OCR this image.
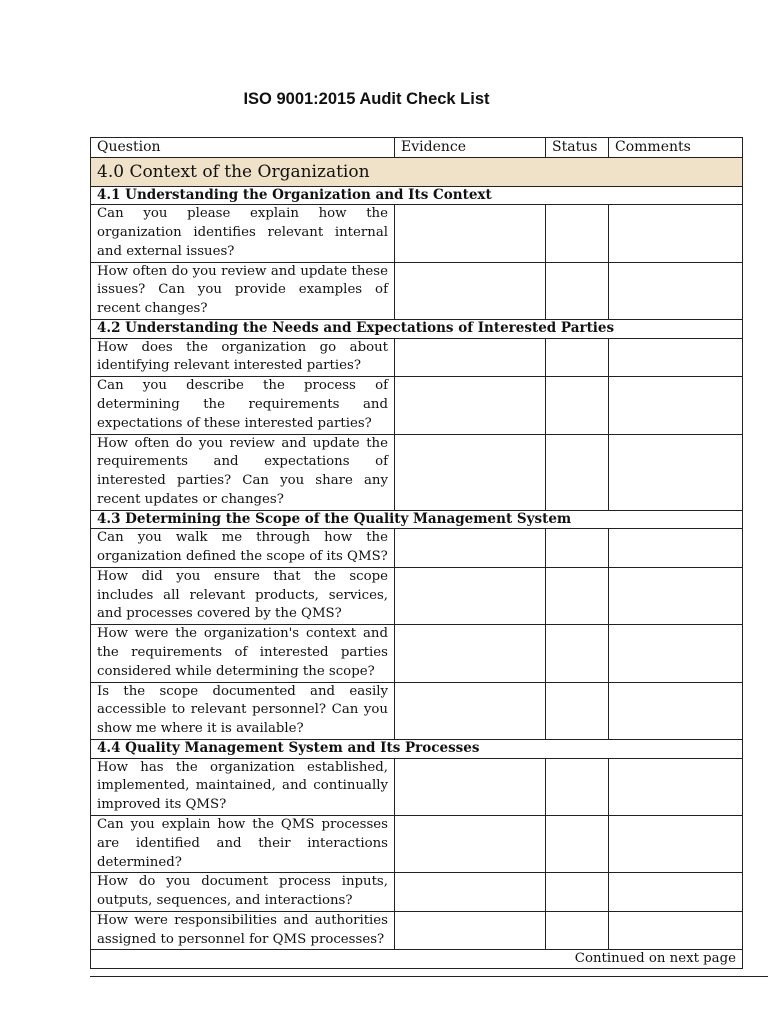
ISO 9001:2015 Audit Check List
Question	Evidence	Status	Comments
4.0 Context of the Organization			
4.1 Understanding the Organization and Its Context			
Can you please explain how the organization identifies relevant internal and external issues?			
How often do you review and update these issues? Can you provide examples of recent changes?			
4.2 Understanding the Needs and Expectations of Interested Parties			
How does the organization go about identifying relevant interested parties?			
Can you describe the process of determining the requirements and expectations of these interested parties?			
How often do you review and update the requirements and expectations of interested parties? Can you share any recent updates or changes?			
4.3 Determining the Scope of the Quality Management System			
Can you walk me through how the organization defined the scope of its QMS?			
How did you ensure that the scope includes all relevant products, services, and processes covered by the QMS?			
How were the organization's context and the requirements of interested parties considered while determining the scope?			
Is the scope documented and easily accessible to relevant personnel? Can you show me where it is available?			
4.4 Quality Management System and Its Processes			
How has the organization established, implemented, maintained, and continually improved its QMS?			
Can you explain how the QMS processes are identified and their interactions determined?			
How do you document process inputs, outputs, sequences, and interactions?			
How were responsibilities and authorities assigned to personnel for QMS processes?			
Continued on next page			
